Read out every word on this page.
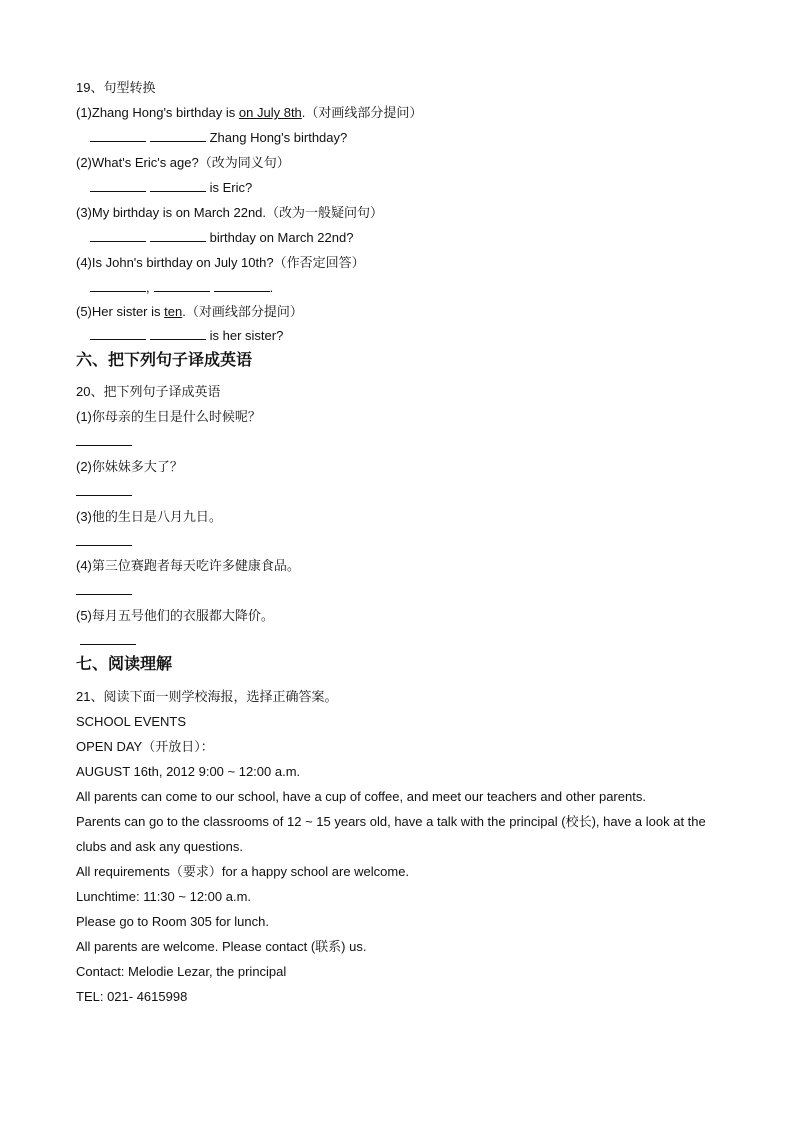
19、句型转换
(1)Zhang Hong's birthday is on July 8th.（对画线部分提问）
Zhang Hong's birthday?
(2)What's Eric's age?（改为同义句）
is Eric?
(3)My birthday is on March 22nd.（改为一般疑问句）
birthday on March 22nd?
(4)Is John's birthday on July 10th?（作否定回答）
,	.
(5)Her sister is ten.（对画线部分提问）
is her sister?
六、把下列句子译成英语
20、把下列句子译成英语
(1)你母亲的生日是什么时候呢？
(2)你妹妹多大了？
(3)他的生日是八月九日。
(4)第三位赛跑者每天吃许多健康食品。
(5)每月五号他们的衣服都大降价。
七、阅读理解
21、阅读下面一则学校海报，选择正确答案。
SCHOOL EVENTS
OPEN DAY（开放日）：
AUGUST 16th, 2012 9:00 ~ 12:00 a.m.
All parents can come to our school, have a cup of coffee, and meet our teachers and other parents.
Parents can go to the classrooms of 12 ~ 15 years old, have a talk with the principal (校长), have a look at the
clubs and ask any questions.
All requirements（要求）for a happy school are welcome.
Lunchtime: 11:30 ~ 12:00 a.m.
Please go to Room 305 for lunch.
All parents are welcome. Please contact (联系) us.
Contact: Melodie Lezar, the principal
TEL: 021- 4615998
